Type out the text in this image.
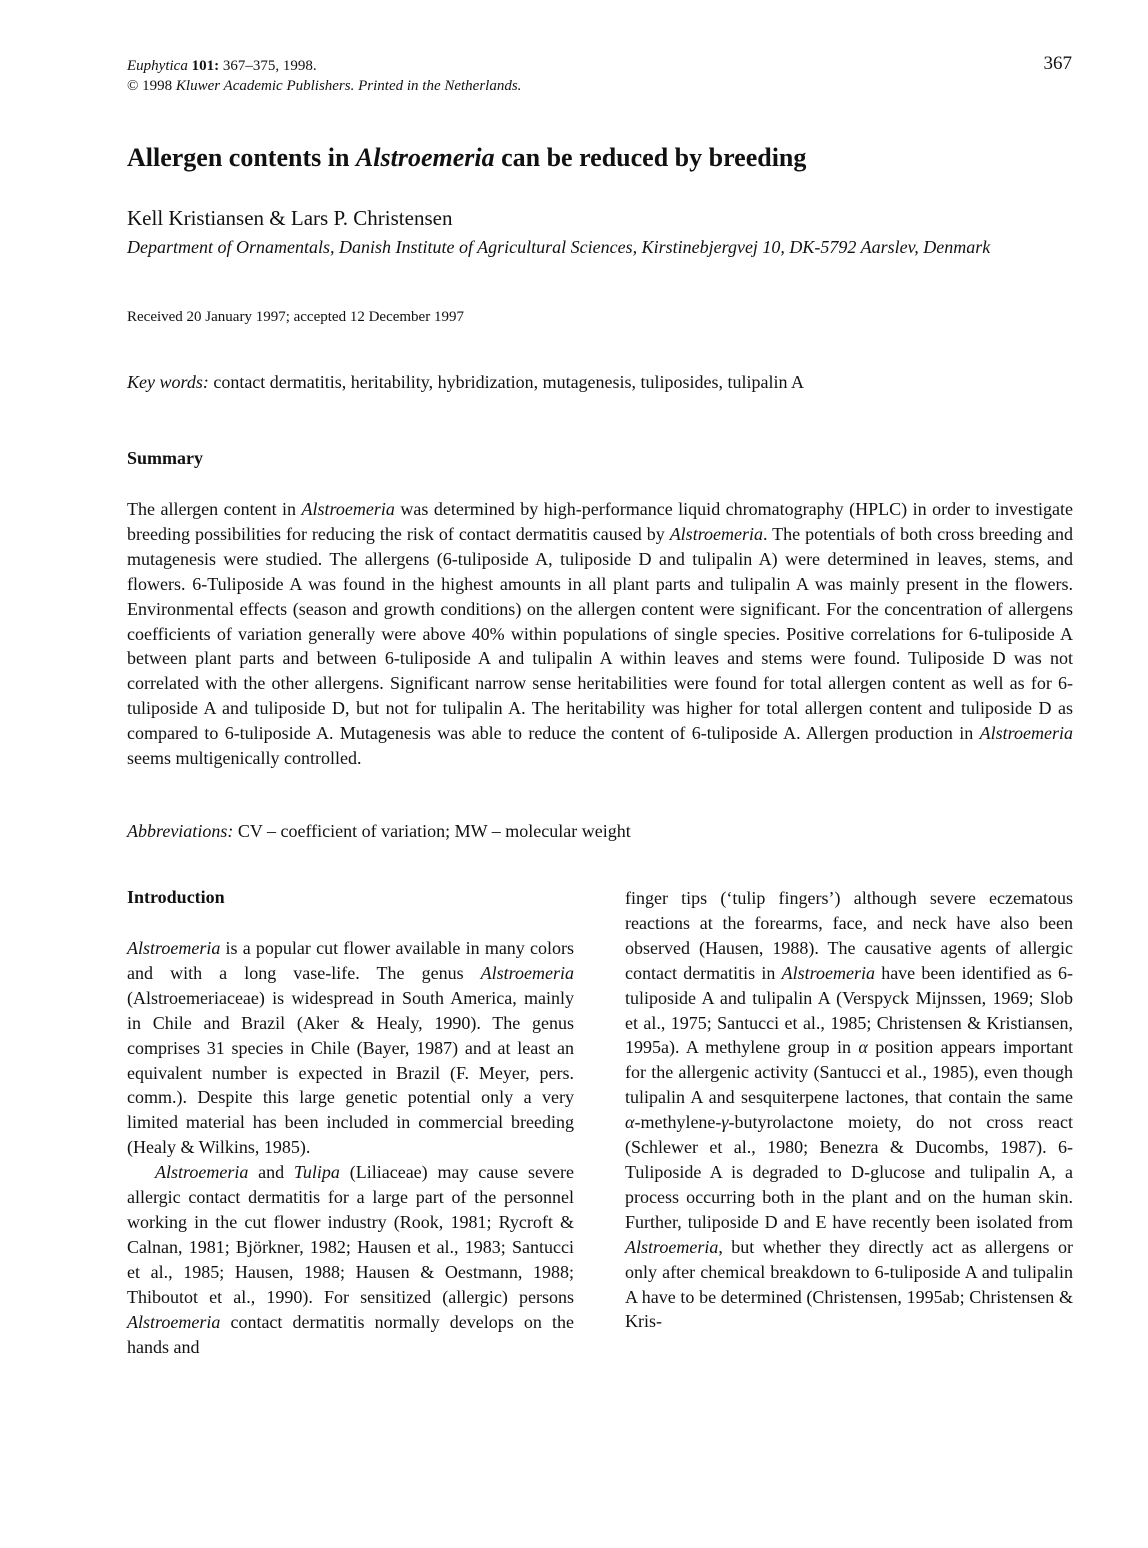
Euphytica 101: 367–375, 1998.
© 1998 Kluwer Academic Publishers. Printed in the Netherlands.
367
Allergen contents in Alstroemeria can be reduced by breeding
Kell Kristiansen & Lars P. Christensen
Department of Ornamentals, Danish Institute of Agricultural Sciences, Kirstinebjergvej 10, DK-5792 Aarslev, Denmark
Received 20 January 1997; accepted 12 December 1997
Key words: contact dermatitis, heritability, hybridization, mutagenesis, tuliposides, tulipalin A
Summary
The allergen content in Alstroemeria was determined by high-performance liquid chromatography (HPLC) in order to investigate breeding possibilities for reducing the risk of contact dermatitis caused by Alstroemeria. The potentials of both cross breeding and mutagenesis were studied. The allergens (6-tuliposide A, tuliposide D and tulipalin A) were determined in leaves, stems, and flowers. 6-Tuliposide A was found in the highest amounts in all plant parts and tulipalin A was mainly present in the flowers. Environmental effects (season and growth conditions) on the allergen content were significant. For the concentration of allergens coefficients of variation generally were above 40% within populations of single species. Positive correlations for 6-tuliposide A between plant parts and between 6-tuliposide A and tulipalin A within leaves and stems were found. Tuliposide D was not correlated with the other allergens. Significant narrow sense heritabilities were found for total allergen content as well as for 6-tuliposide A and tuliposide D, but not for tulipalin A. The heritability was higher for total allergen content and tuliposide D as compared to 6-tuliposide A. Mutagenesis was able to reduce the content of 6-tuliposide A. Allergen production in Alstroemeria seems multigenically controlled.
Abbreviations: CV – coefficient of variation; MW – molecular weight
Introduction

Alstroemeria is a popular cut flower available in many colors and with a long vase-life. The genus Alstroemeria (Alstroemeriaceae) is widespread in South America, mainly in Chile and Brazil (Aker & Healy, 1990). The genus comprises 31 species in Chile (Bayer, 1987) and at least an equivalent number is expected in Brazil (F. Meyer, pers. comm.). Despite this large genetic potential only a very limited material has been included in commercial breeding (Healy & Wilkins, 1985).

Alstroemeria and Tulipa (Liliaceae) may cause severe allergic contact dermatitis for a large part of the personnel working in the cut flower industry (Rook, 1981; Rycroft & Calnan, 1981; Björkner, 1982; Hausen et al., 1983; Santucci et al., 1985; Hausen, 1988; Hausen & Oestmann, 1988; Thiboutot et al., 1990). For sensitized (allergic) persons Alstroemeria contact dermatitis normally develops on the hands and

finger tips (‘tulip fingers’) although severe eczematous reactions at the forearms, face, and neck have also been observed (Hausen, 1988). The causative agents of allergic contact dermatitis in Alstroemeria have been identified as 6-tuliposide A and tulipalin A (Verspyck Mijnssen, 1969; Slob et al., 1975; Santucci et al., 1985; Christensen & Kristiansen, 1995a). A methylene group in α position appears important for the allergenic activity (Santucci et al., 1985), even though tulipalin A and sesquiterpene lactones, that contain the same α-methylene-γ-butyrolactone moiety, do not cross react (Schlewer et al., 1980; Benezra & Ducombs, 1987). 6-Tuliposide A is degraded to D-glucose and tulipalin A, a process occurring both in the plant and on the human skin. Further, tuliposide D and E have recently been isolated from Alstroemeria, but whether they directly act as allergens or only after chemical breakdown to 6-tuliposide A and tulipalin A have to be determined (Christensen, 1995ab; Christensen & Kris-
